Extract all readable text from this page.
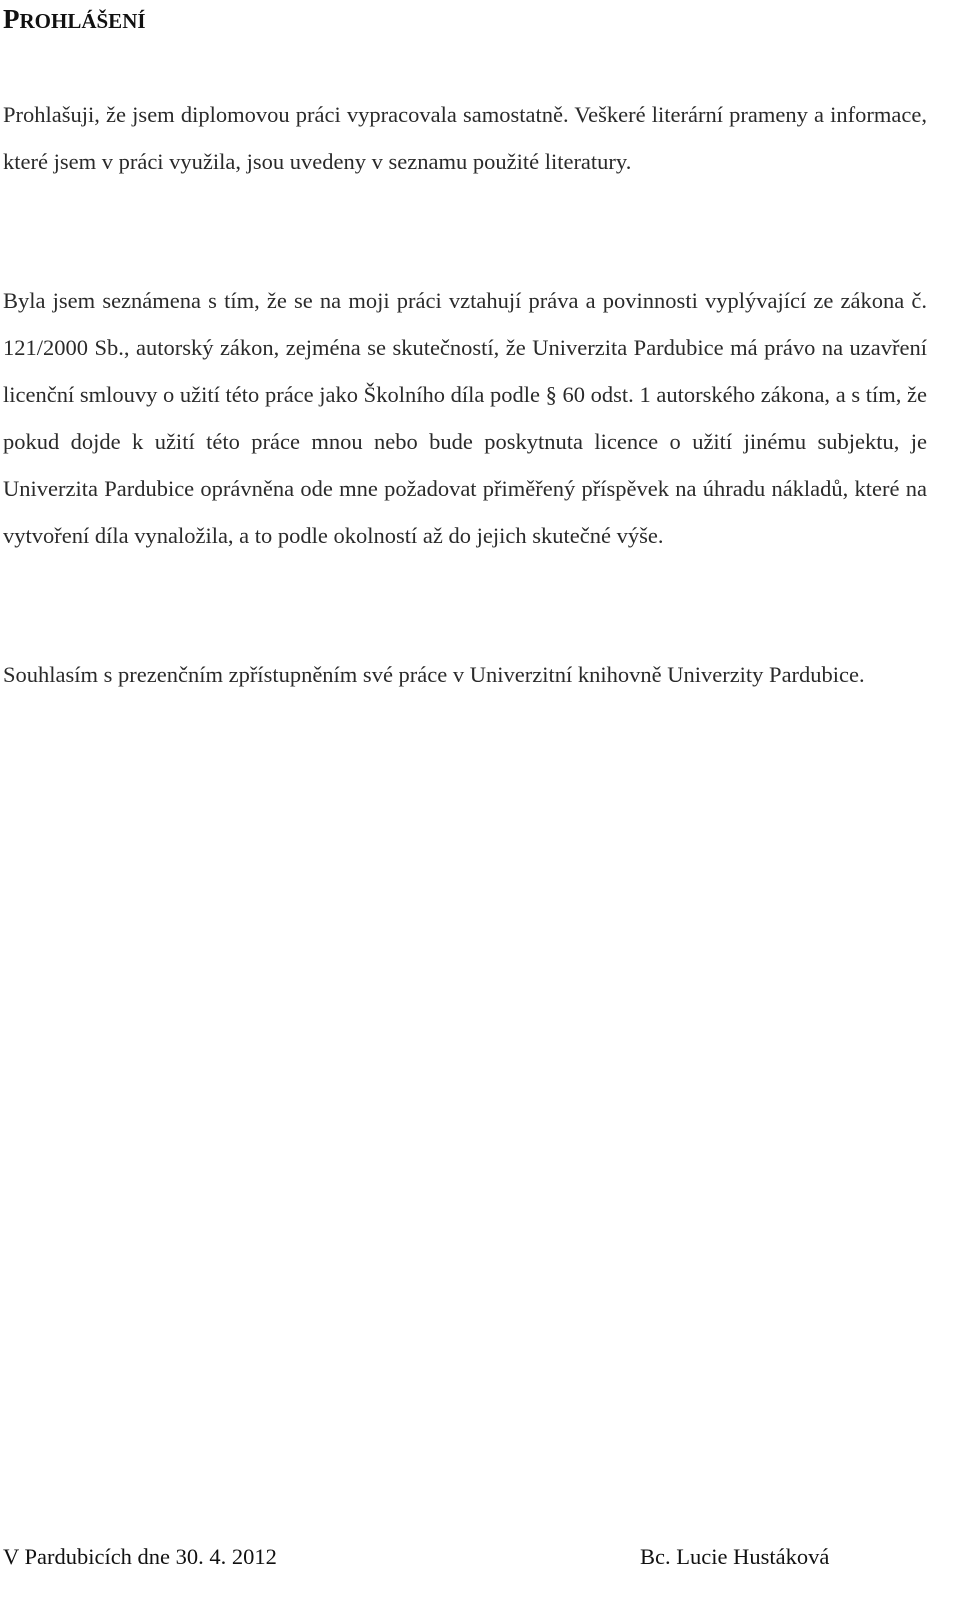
PROHLÁŠENÍ

Prohlašuji, že jsem diplomovou práci vypracovala samostatně. Veškeré literární prameny a informace, které jsem v práci využila, jsou uvedeny v seznamu použité literatury.

Byla jsem seznámena s tím, že se na moji práci vztahují práva a povinnosti vyplývající ze zákona č. 121/2000 Sb., autorský zákon, zejména se skutečností, že Univerzita Pardubice má právo na uzavření licenční smlouvy o užití této práce jako Školního díla podle § 60 odst. 1 autorského zákona, a s tím, že pokud dojde k užití této práce mnou nebo bude poskytnuta licence o užití jinému subjektu, je Univerzita Pardubice oprávněna ode mne požadovat přiměřený příspěvek na úhradu nákladů, které na vytvoření díla vynaložila, a to podle okolností až do jejich skutečné výše.

Souhlasím s prezenčním zpřístupněním své práce v Univerzitní knihovně Univerzity Pardubice.

V Pardubicích dne 30. 4. 2012	Bc. Lucie Hustáková
